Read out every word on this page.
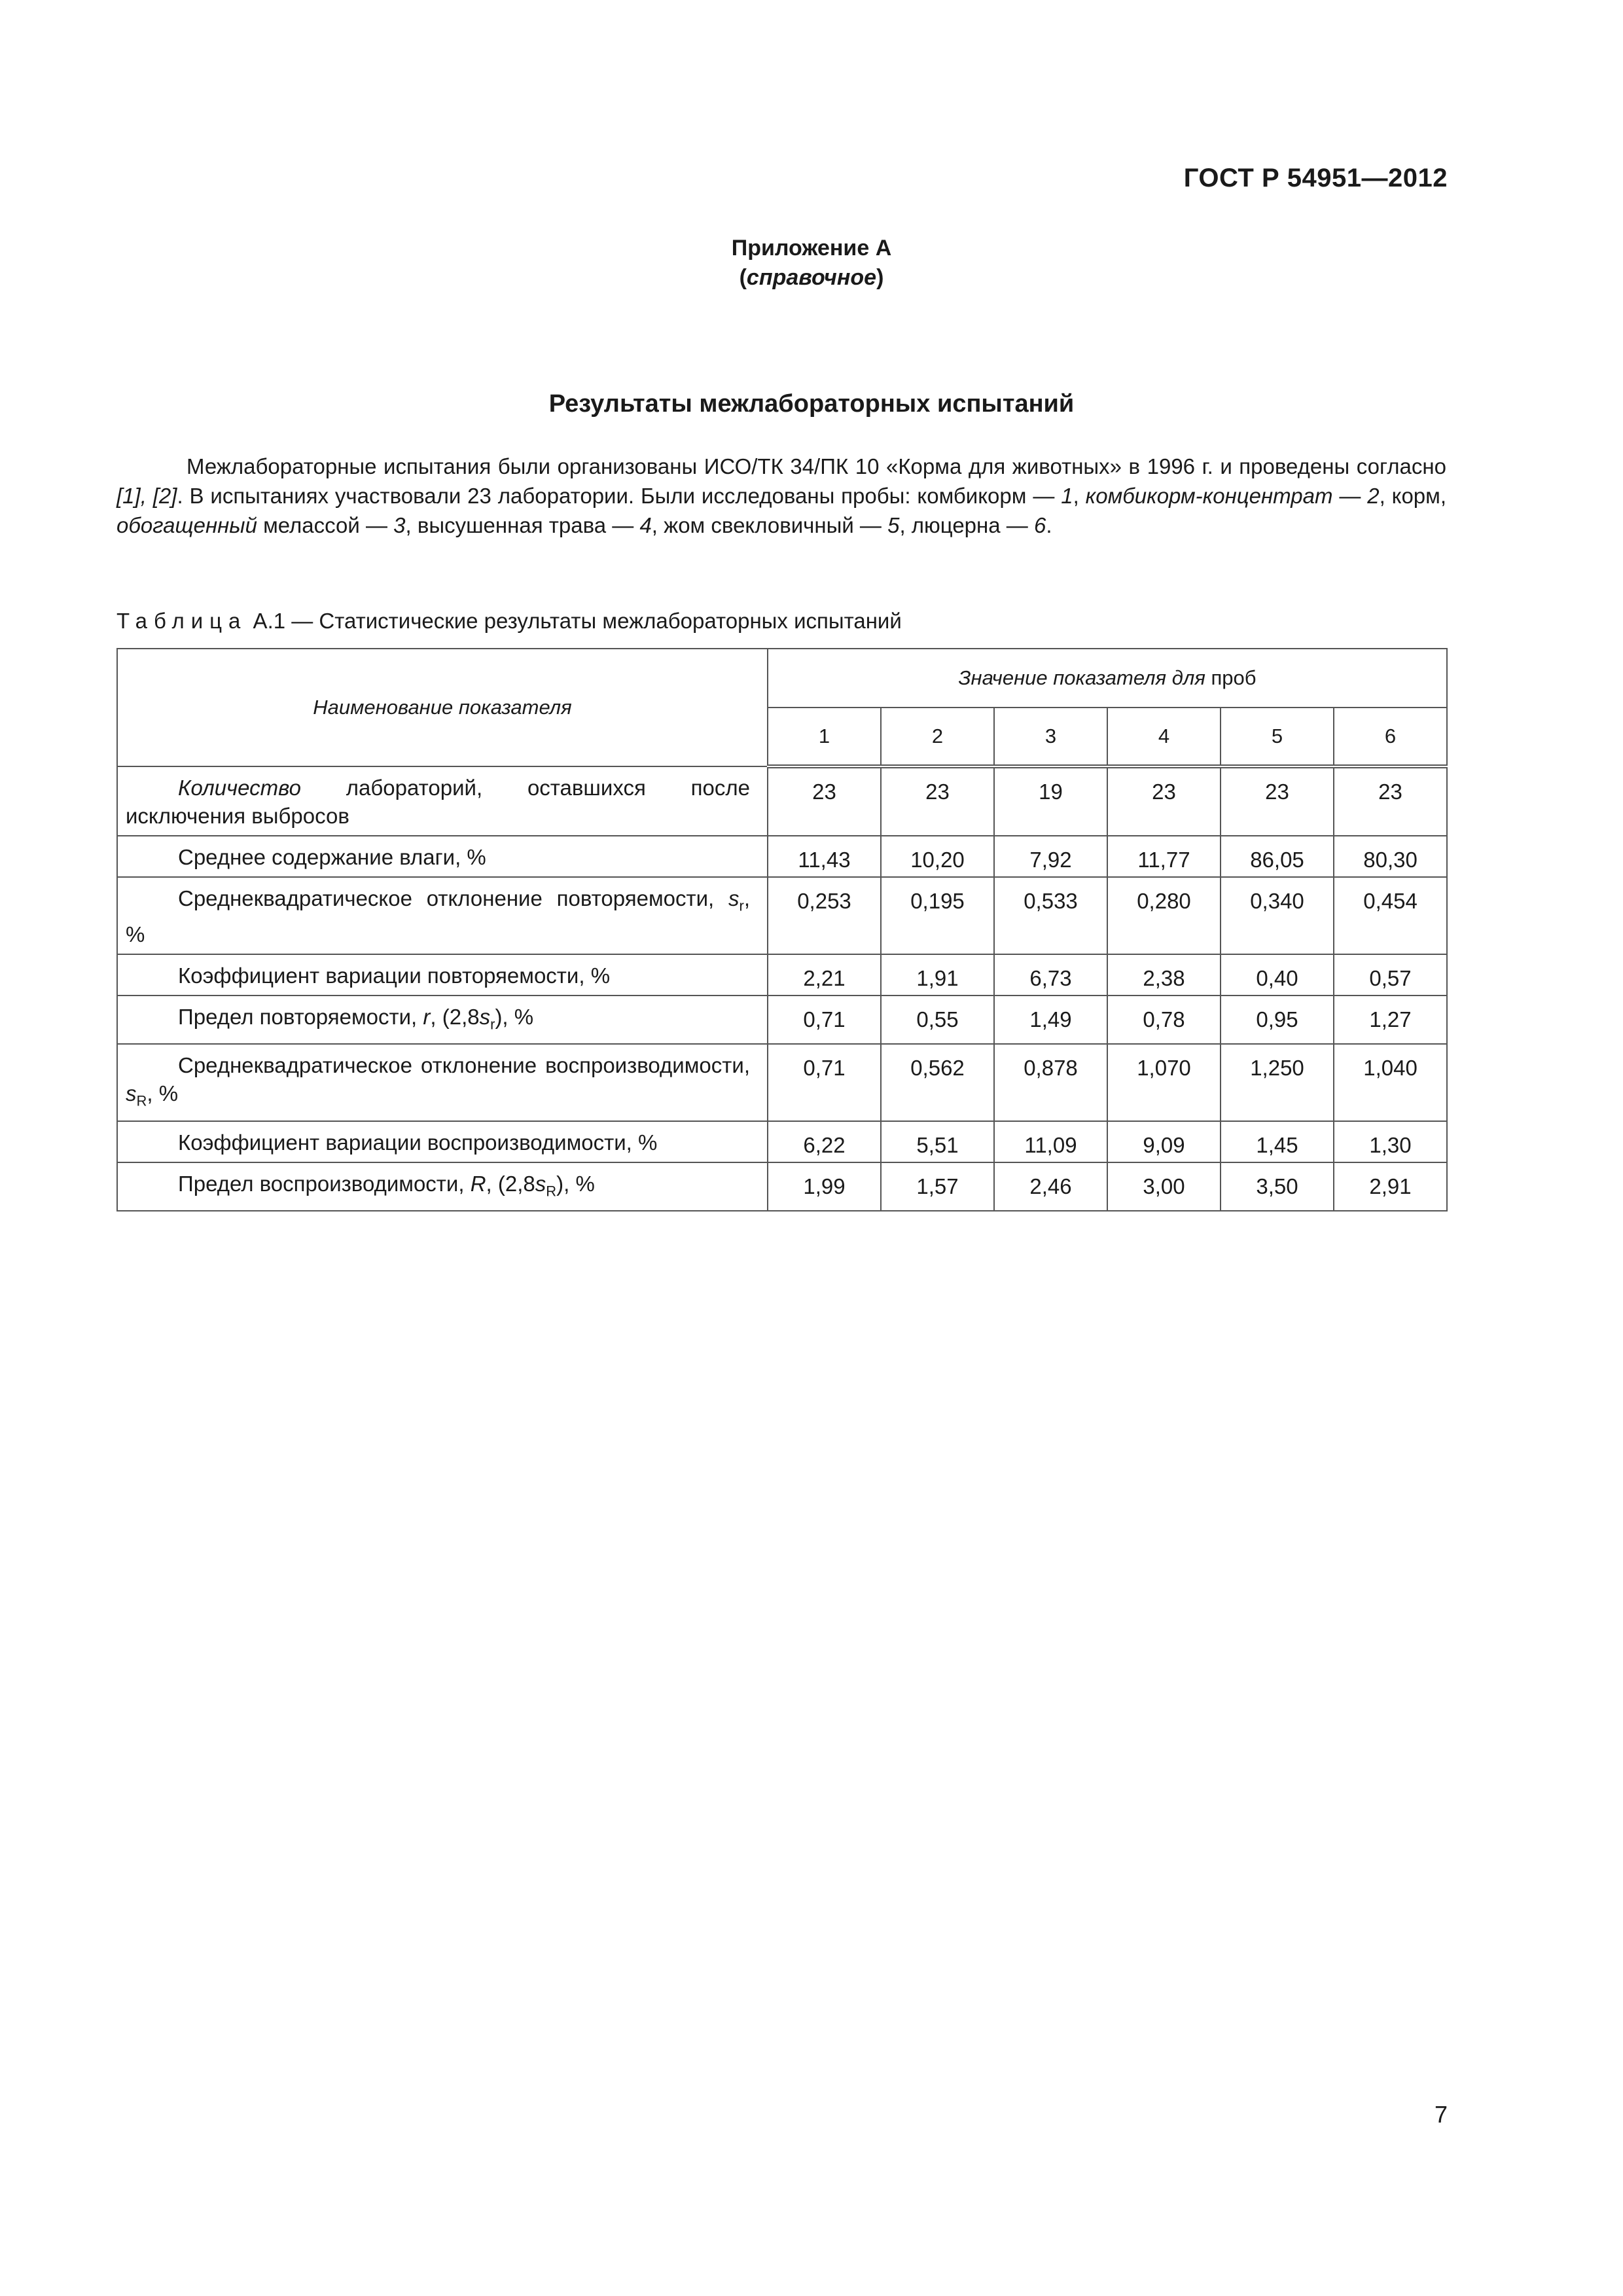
ГОСТ Р 54951—2012
Приложение А
(справочное)
Результаты межлабораторных испытаний

Межлабораторные испытания были организованы ИСО/ТК 34/ПК 10 «Корма для животных» в 1996 г. и проведены согласно [1], [2]. В испытаниях участвовали 23 лаборатории. Были исследованы пробы: комбикорм — 1, комбикорм-концентрат — 2, корм, обогащенный мелассой — 3, высушенная трава — 4, жом свекловичный — 5, люцерна — 6.

Таблица А.1 — Статистические результаты межлабораторных испытаний
Наименование показателя	Значение показателя для проб					
	1	2	3	4	5	6
Количество лабораторий, оставшихся после исключения выбросов	23	23	19	23	23	23
Среднее содержание влаги, %	11,43	10,20	7,92	11,77	86,05	80,30
Среднеквадратическое отклонение повторяемости, $s_r$, %	0,253	0,195	0,533	0,280	0,340	0,454
Коэффициент вариации повторяемости, %	2,21	1,91	6,73	2,38	0,40	0,57
Предел повторяемости, r, $(2,8s_r)$, %	0,71	0,55	1,49	0,78	0,95	1,27
Среднеквадратическое отклонение воспроизводимости, $s_R$, %	0,71	0,562	0,878	1,070	1,250	1,040
Коэффициент вариации воспроизводимости, %	6,22	5,51	11,09	9,09	1,45	1,30
Предел воспроизводимости, R, $(2,8s_R)$, %	1,99	1,57	2,46	3,00	3,50	2,91
7
